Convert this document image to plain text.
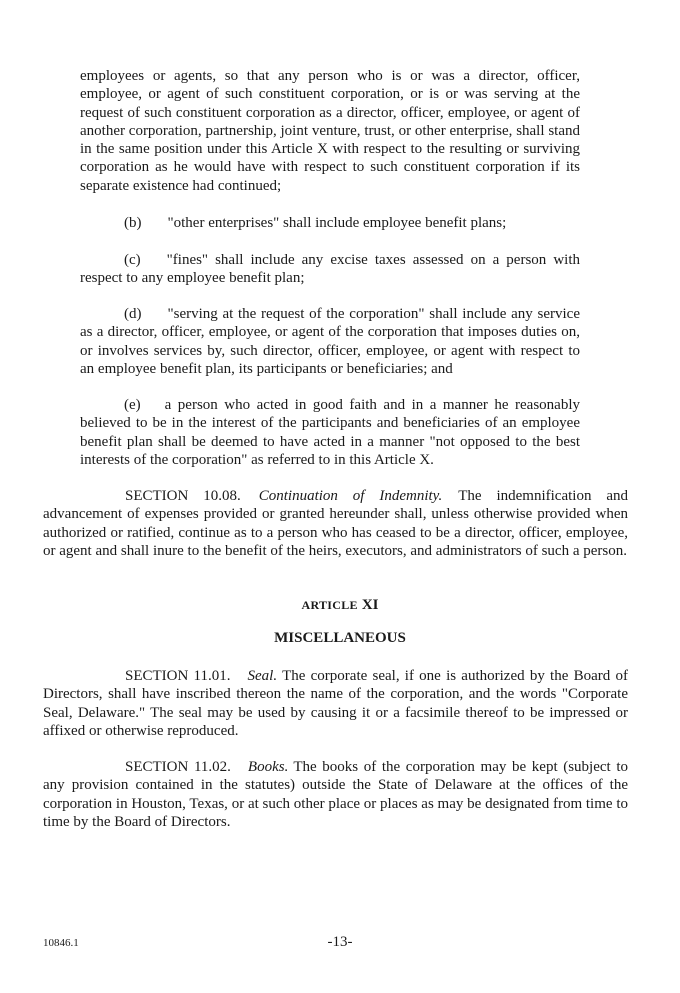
employees or agents, so that any person who is or was a director, officer, employee, or agent of such constituent corporation, or is or was serving at the request of such constituent corporation as a director, officer, employee, or agent of another corporation, partnership, joint venture, trust, or other enterprise, shall stand in the same position under this Article X with respect to the resulting or surviving corporation as he would have with respect to such constituent corporation if its separate existence had continued;
(b) "other enterprises" shall include employee benefit plans;
(c) "fines" shall include any excise taxes assessed on a person with respect to any employee benefit plan;
(d) "serving at the request of the corporation" shall include any service as a director, officer, employee, or agent of the corporation that imposes duties on, or involves services by, such director, officer, employee, or agent with respect to an employee benefit plan, its participants or beneficiaries; and
(e) a person who acted in good faith and in a manner he reasonably believed to be in the interest of the participants and beneficiaries of an employee benefit plan shall be deemed to have acted in a manner "not opposed to the best interests of the corporation" as referred to in this Article X.
SECTION 10.08. Continuation of Indemnity. The indemnification and advancement of expenses provided or granted hereunder shall, unless otherwise provided when authorized or ratified, continue as to a person who has ceased to be a director, officer, employee, or agent and shall inure to the benefit of the heirs, executors, and administrators of such a person.
ARTICLE XI
MISCELLANEOUS
SECTION 11.01. Seal. The corporate seal, if one is authorized by the Board of Directors, shall have inscribed thereon the name of the corporation, and the words "Corporate Seal, Delaware." The seal may be used by causing it or a facsimile thereof to be impressed or affixed or otherwise reproduced.
SECTION 11.02. Books. The books of the corporation may be kept (subject to any provision contained in the statutes) outside the State of Delaware at the offices of the corporation in Houston, Texas, or at such other place or places as may be designated from time to time by the Board of Directors.
10846.1	-13-
